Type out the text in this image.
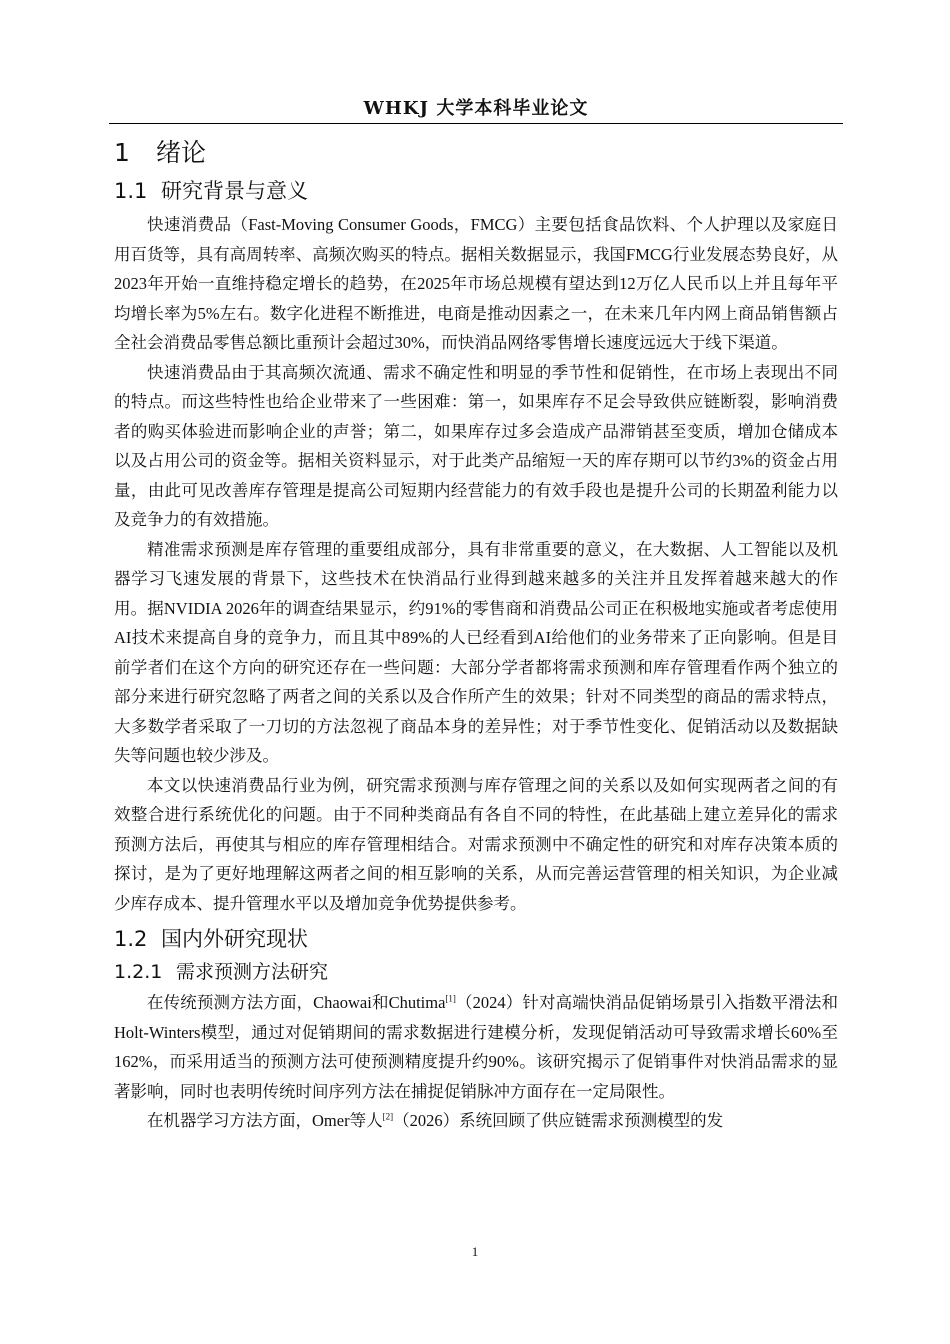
WHKJ 大学本科毕业论文
1 绪论
1.1 研究背景与意义

快速消费品（Fast-Moving Consumer Goods，FMCG）主要包括食品饮料、个人护理以及家庭日用百货等，具有高周转率、高频次购买的特点。据相关数据显示，我国FMCG行业发展态势良好，从2023年开始一直维持稳定增长的趋势，在2025年市场总规模有望达到12万亿人民币以上并且每年平均增长率为5%左右。数字化进程不断推进，电商是推动因素之一，在未来几年内网上商品销售额占全社会消费品零售总额比重预计会超过30%，而快消品网络零售增长速度远远大于线下渠道。

快速消费品由于其高频次流通、需求不确定性和明显的季节性和促销性，在市场上表现出不同的特点。而这些特性也给企业带来了一些困难：第一，如果库存不足会导致供应链断裂，影响消费者的购买体验进而影响企业的声誉；第二，如果库存过多会造成产品滞销甚至变质，增加仓储成本以及占用公司的资金等。据相关资料显示，对于此类产品缩短一天的库存期可以节约3%的资金占用量，由此可见改善库存管理是提高公司短期内经营能力的有效手段也是提升公司的长期盈利能力以及竞争力的有效措施。

精准需求预测是库存管理的重要组成部分，具有非常重要的意义，在大数据、人工智能以及机器学习飞速发展的背景下，这些技术在快消品行业得到越来越多的关注并且发挥着越来越大的作用。据NVIDIA 2026年的调查结果显示，约91%的零售商和消费品公司正在积极地实施或者考虑使用AI技术来提高自身的竞争力，而且其中89%的人已经看到AI给他们的业务带来了正向影响。但是目前学者们在这个方向的研究还存在一些问题：大部分学者都将需求预测和库存管理看作两个独立的部分来进行研究忽略了两者之间的关系以及合作所产生的效果；针对不同类型的商品的需求特点，大多数学者采取了一刀切的方法忽视了商品本身的差异性；对于季节性变化、促销活动以及数据缺失等问题也较少涉及。

本文以快速消费品行业为例，研究需求预测与库存管理之间的关系以及如何实现两者之间的有效整合进行系统优化的问题。由于不同种类商品有各自不同的特性，在此基础上建立差异化的需求预测方法后，再使其与相应的库存管理相结合。对需求预测中不确定性的研究和对库存决策本质的探讨，是为了更好地理解这两者之间的相互影响的关系，从而完善运营管理的相关知识，为企业减少库存成本、提升管理水平以及增加竞争优势提供参考。

1.2 国内外研究现状
1.2.1 需求预测方法研究

在传统预测方法方面，Chaowai和Chutima[1]（2024）针对高端快消品促销场景引入指数平滑法和Holt-Winters模型，通过对促销期间的需求数据进行建模分析，发现促销活动可导致需求增长60%至162%，而采用适当的预测方法可使预测精度提升约90%。该研究揭示了促销事件对快消品需求的显著影响，同时也表明传统时间序列方法在捕捉促销脉冲方面存在一定局限性。

在机器学习方法方面，Omer等人[2]（2026）系统回顾了供应链需求预测模型的发

1
